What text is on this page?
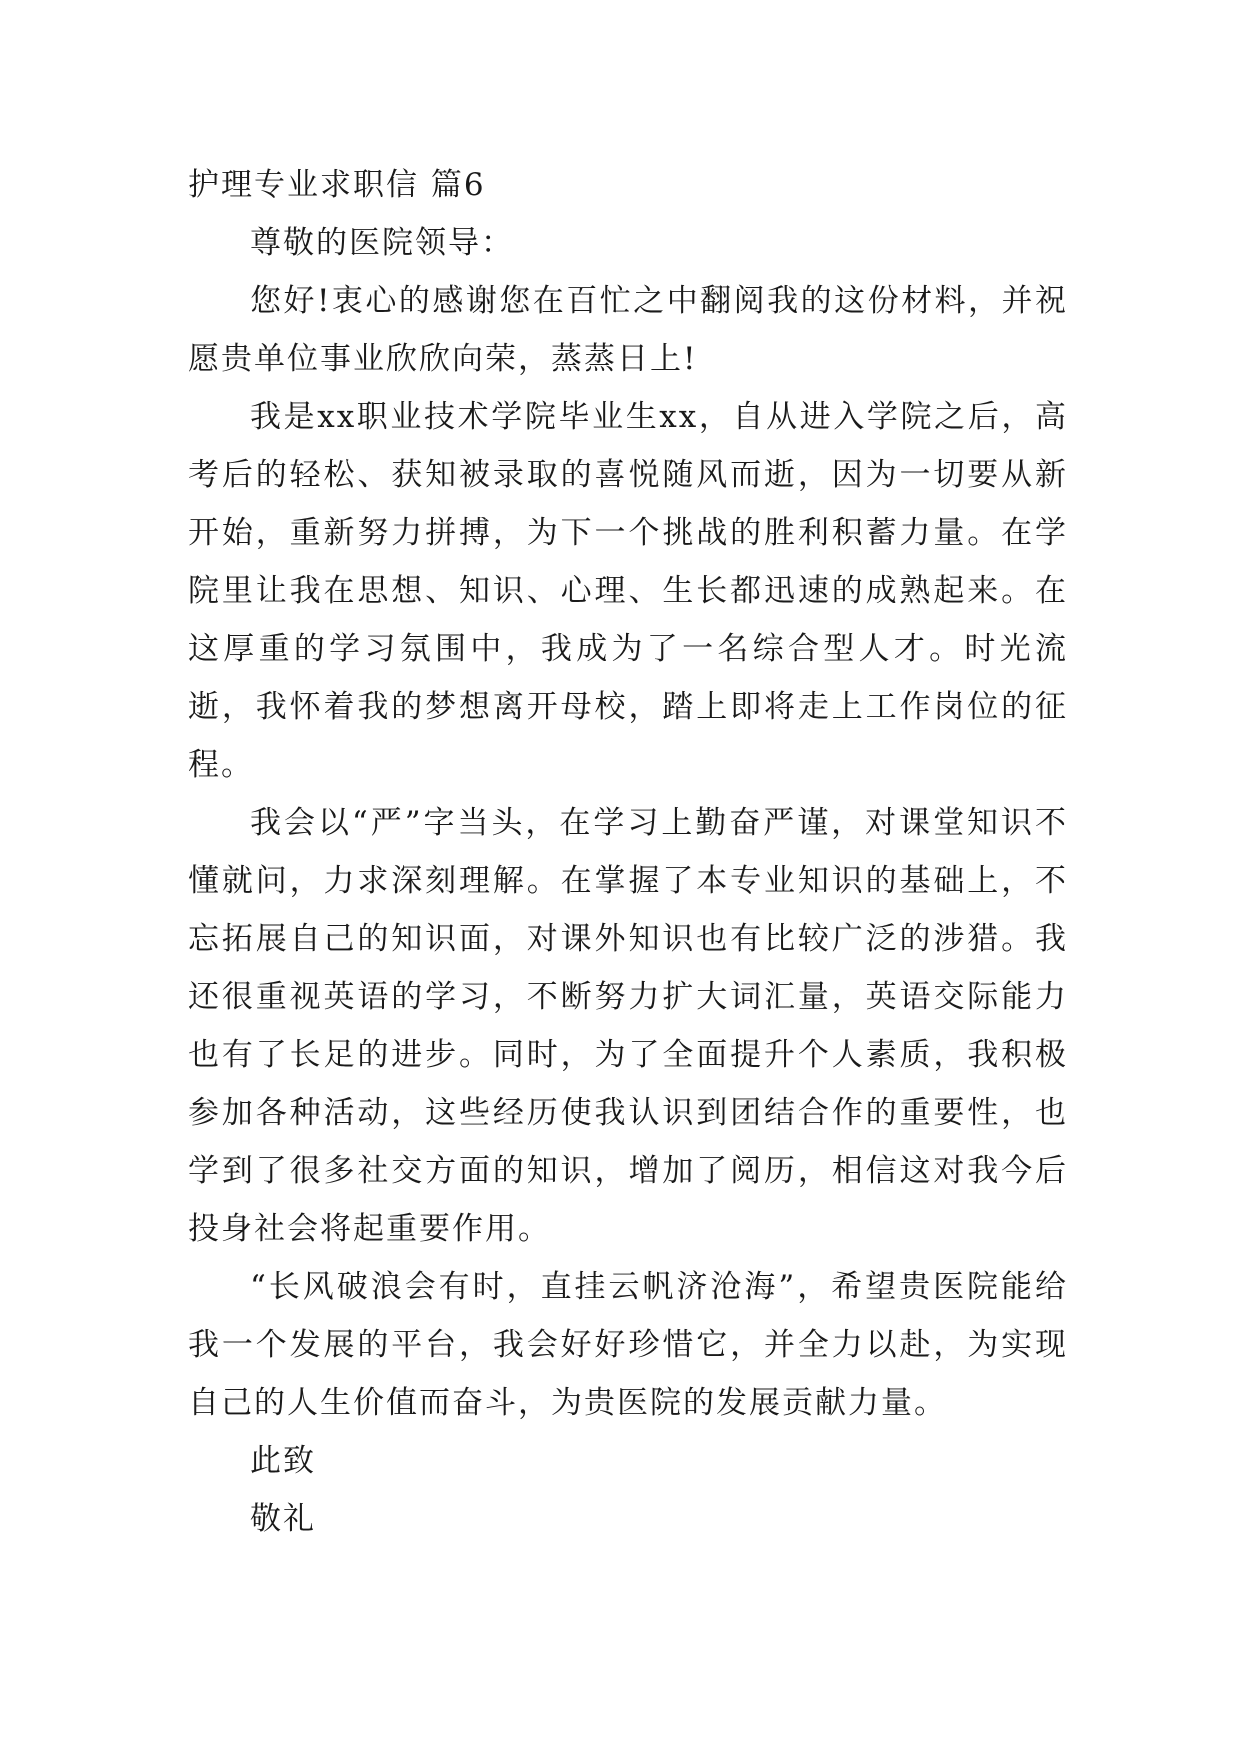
护理专业求职信 篇6

尊敬的医院领导：

您好!衷心的感谢您在百忙之中翻阅我的这份材料，并祝愿贵单位事业欣欣向荣，蒸蒸日上!

我是xx职业技术学院毕业生xx，自从进入学院之后，高考后的轻松、获知被录取的喜悦随风而逝，因为一切要从新开始，重新努力拼搏，为下一个挑战的胜利积蓄力量。在学院里让我在思想、知识、心理、生长都迅速的成熟起来。在这厚重的学习氛围中，我成为了一名综合型人才。时光流逝，我怀着我的梦想离开母校，踏上即将走上工作岗位的征程。

我会以“严”字当头，在学习上勤奋严谨，对课堂知识不懂就问，力求深刻理解。在掌握了本专业知识的基础上，不忘拓展自己的知识面，对课外知识也有比较广泛的涉猎。我还很重视英语的学习，不断努力扩大词汇量，英语交际能力也有了长足的进步。同时，为了全面提升个人素质，我积极参加各种活动，这些经历使我认识到团结合作的重要性，也学到了很多社交方面的知识，增加了阅历，相信这对我今后投身社会将起重要作用。

“长风破浪会有时，直挂云帆济沧海”，希望贵医院能给我一个发展的平台，我会好好珍惜它，并全力以赴，为实现自己的人生价值而奋斗，为贵医院的发展贡献力量。

此致

敬礼
